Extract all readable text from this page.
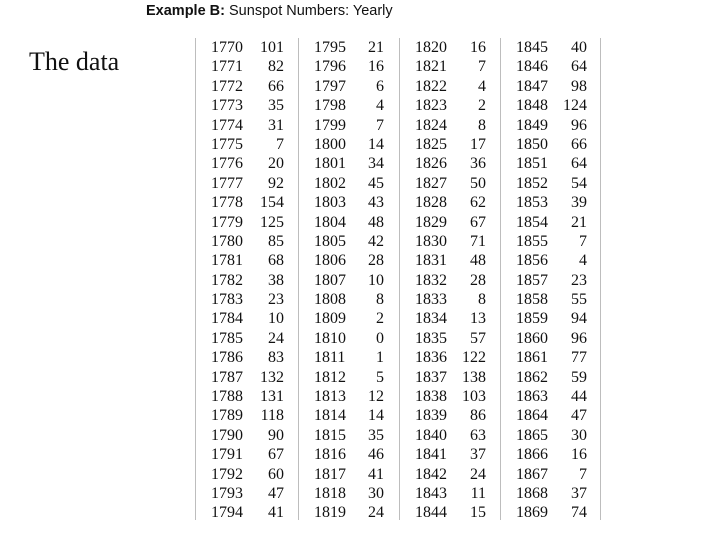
The data
Example B: Sunspot Numbers: Yearly
1770
1771
1772
1773
1774
1775
1776
1777
1778
1779
1780
1781
1782
1783
1784
1785
1786
1787
1788
1789
1790
1791
1792
1793
1794
101
82
66
35
31
7
20
92
154
125
85
68
38
23
10
24
83
132
131
118
90
67
60
47
41
1795
1796
1797
1798
1799
1800
1801
1802
1803
1804
1805
1806
1807
1808
1809
1810
1811
1812
1813
1814
1815
1816
1817
1818
1819
21
16
6
4
7
14
34
45
43
48
42
28
10
8
2
0
1
5
12
14
35
46
41
30
24
1820
1821
1822
1823
1824
1825
1826
1827
1828
1829
1830
1831
1832
1833
1834
1835
1836
1837
1838
1839
1840
1841
1842
1843
1844
16
7
4
2
8
17
36
50
62
67
71
48
28
8
13
57
122
138
103
86
63
37
24
11
15
1845
1846
1847
1848
1849
1850
1851
1852
1853
1854
1855
1856
1857
1858
1859
1860
1861
1862
1863
1864
1865
1866
1867
1868
1869
40
64
98
124
96
66
64
54
39
21
7
4
23
55
94
96
77
59
44
47
30
16
7
37
74
